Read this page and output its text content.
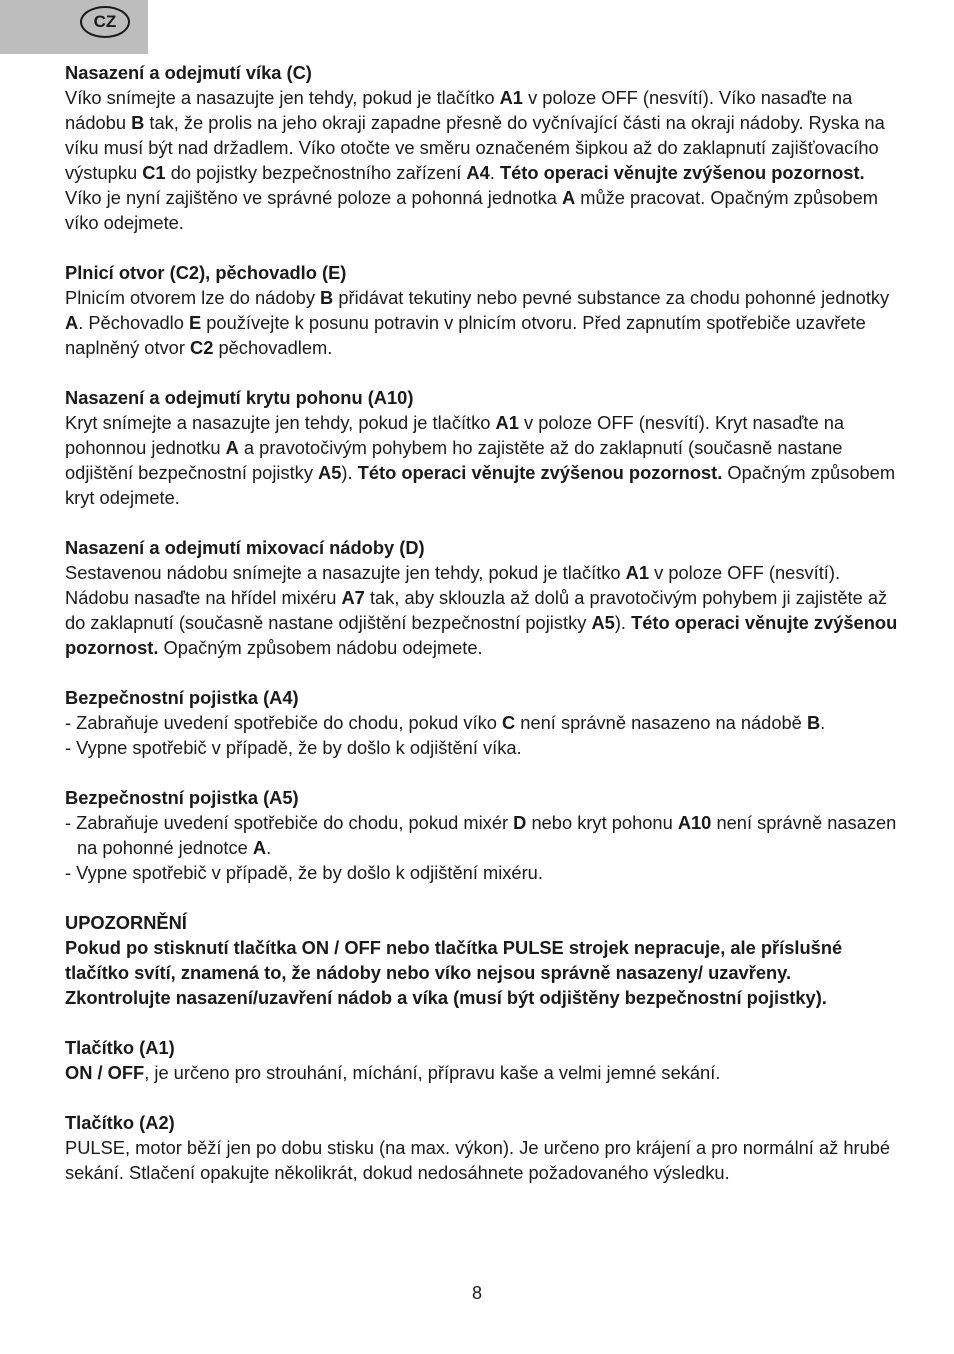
CZ

Nasazení a odejmutí víka (C)

Víko snímejte a nasazujte jen tehdy, pokud je tlačítko A1 v poloze OFF (nesvítí). Víko nasaďte na nádobu B tak, že prolis na jeho okraji zapadne přesně do vyčnívající části na okraji nádoby. Ryska na víku musí být nad držadlem. Víko otočte ve směru označeném šipkou až do zaklapnutí zajišťovacího výstupku C1 do pojistky bezpečnostního zařízení A4. Této operaci věnujte zvýšenou pozornost. Víko je nyní zajištěno ve správné poloze a pohonná jednotka A může pracovat. Opačným způsobem víko odejmete.

Plnicí otvor (C2), pěchovadlo (E)

Plnicím otvorem lze do nádoby B přidávat tekutiny nebo pevné substance za chodu pohonné jednotky A. Pěchovadlo E používejte k posunu potravin v plnicím otvoru. Před zapnutím spotřebiče uzavřete naplněný otvor C2 pěchovadlem.

Nasazení a odejmutí krytu pohonu (A10)

Kryt snímejte a nasazujte jen tehdy, pokud je tlačítko A1 v poloze OFF (nesvítí). Kryt nasaďte na pohonnou jednotku A a pravotočivým pohybem ho zajistěte až do zaklapnutí (současně nastane odjištění bezpečnostní pojistky A5). Této operaci věnujte zvýšenou pozornost. Opačným způsobem kryt odejmete.

Nasazení a odejmutí mixovací nádoby (D)

Sestavenou nádobu snímejte a nasazujte jen tehdy, pokud je tlačítko A1 v poloze OFF (nesvítí). Nádobu nasaďte na hřídel mixéru A7 tak, aby sklouzla až dolů a pravotočivým pohybem ji zajistěte až do zaklapnutí (současně nastane odjištění bezpečnostní pojistky A5). Této operaci věnujte zvýšenou pozornost. Opačným způsobem nádobu odejmete.

Bezpečnostní pojistka (A4)

- Zabraňuje uvedení spotřebiče do chodu, pokud víko C není správně nasazeno na nádobě B.

- Vypne spotřebič v případě, že by došlo k odjištění víka.

Bezpečnostní pojistka (A5)

- Zabraňuje uvedení spotřebiče do chodu, pokud mixér D nebo kryt pohonu A10 není správně nasazen na pohonné jednotce A.

- Vypne spotřebič v případě, že by došlo k odjištění mixéru.

UPOZORNĚNÍ

Pokud po stisknutí tlačítka ON / OFF nebo tlačítka PULSE strojek nepracuje, ale příslušné tlačítko svítí, znamená to, že nádoby nebo víko nejsou správně nasazeny/ uzavřeny. Zkontrolujte nasazení/uzavření nádob a víka (musí být odjištěny bezpečnostní pojistky).

Tlačítko (A1)

ON / OFF, je určeno pro strouhání, míchání, přípravu kaše a velmi jemné sekání.

Tlačítko (A2)

PULSE, motor běží jen po dobu stisku (na max. výkon). Je určeno pro krájení a pro normální až hrubé sekání. Stlačení opakujte několikrát, dokud nedosáhnete požadovaného výsledku.

8
